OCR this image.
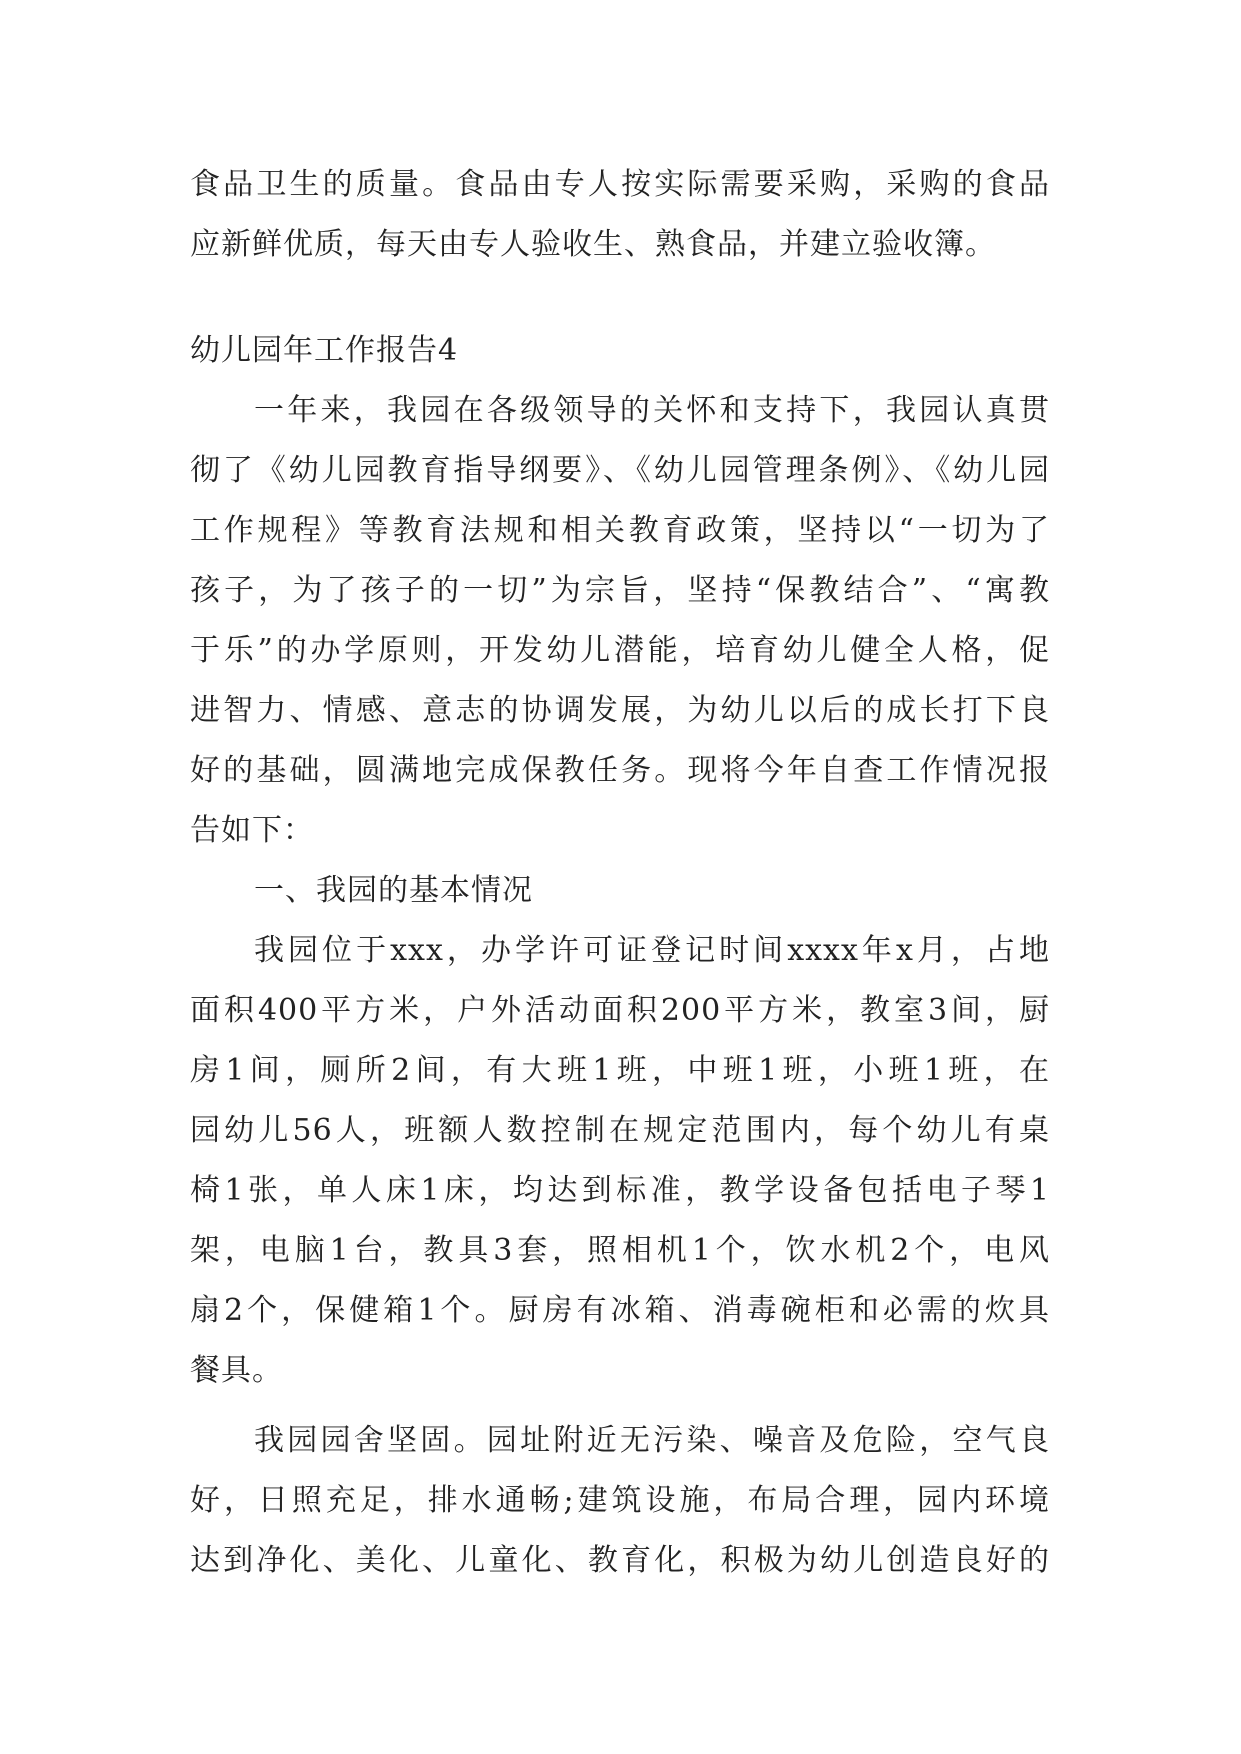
食品卫生的质量。食品由专人按实际需要采购，采购的食品
应新鲜优质，每天由专人验收生、熟食品，并建立验收簿。
幼儿园年工作报告4
一年来，我园在各级领导的关怀和支持下，我园认真贯
彻了《幼儿园教育指导纲要》、《幼儿园管理条例》、《幼儿园
工作规程》等教育法规和相关教育政策，坚持以“一切为了
孩子，为了孩子的一切”为宗旨，坚持“保教结合”、“寓教
于乐”的办学原则，开发幼儿潜能，培育幼儿健全人格，促
进智力、情感、意志的协调发展，为幼儿以后的成长打下良
好的基础，圆满地完成保教任务。现将今年自查工作情况报
告如下：
一、我园的基本情况
我园位于xxx，办学许可证登记时间xxxx年x月，占地
面积400平方米，户外活动面积200平方米，教室3间，厨
房1间，厕所2间，有大班1班，中班1班，小班1班，在
园幼儿56人，班额人数控制在规定范围内，每个幼儿有桌
椅1张，单人床1床，均达到标准，教学设备包括电子琴1
架，电脑1台，教具3套，照相机1个，饮水机2个，电风
扇2个，保健箱1个。厨房有冰箱、消毒碗柜和必需的炊具
餐具。
我园园舍坚固。园址附近无污染、噪音及危险，空气良
好，日照充足，排水通畅;建筑设施，布局合理，园内环境
达到净化、美化、儿童化、教育化，积极为幼儿创造良好的
